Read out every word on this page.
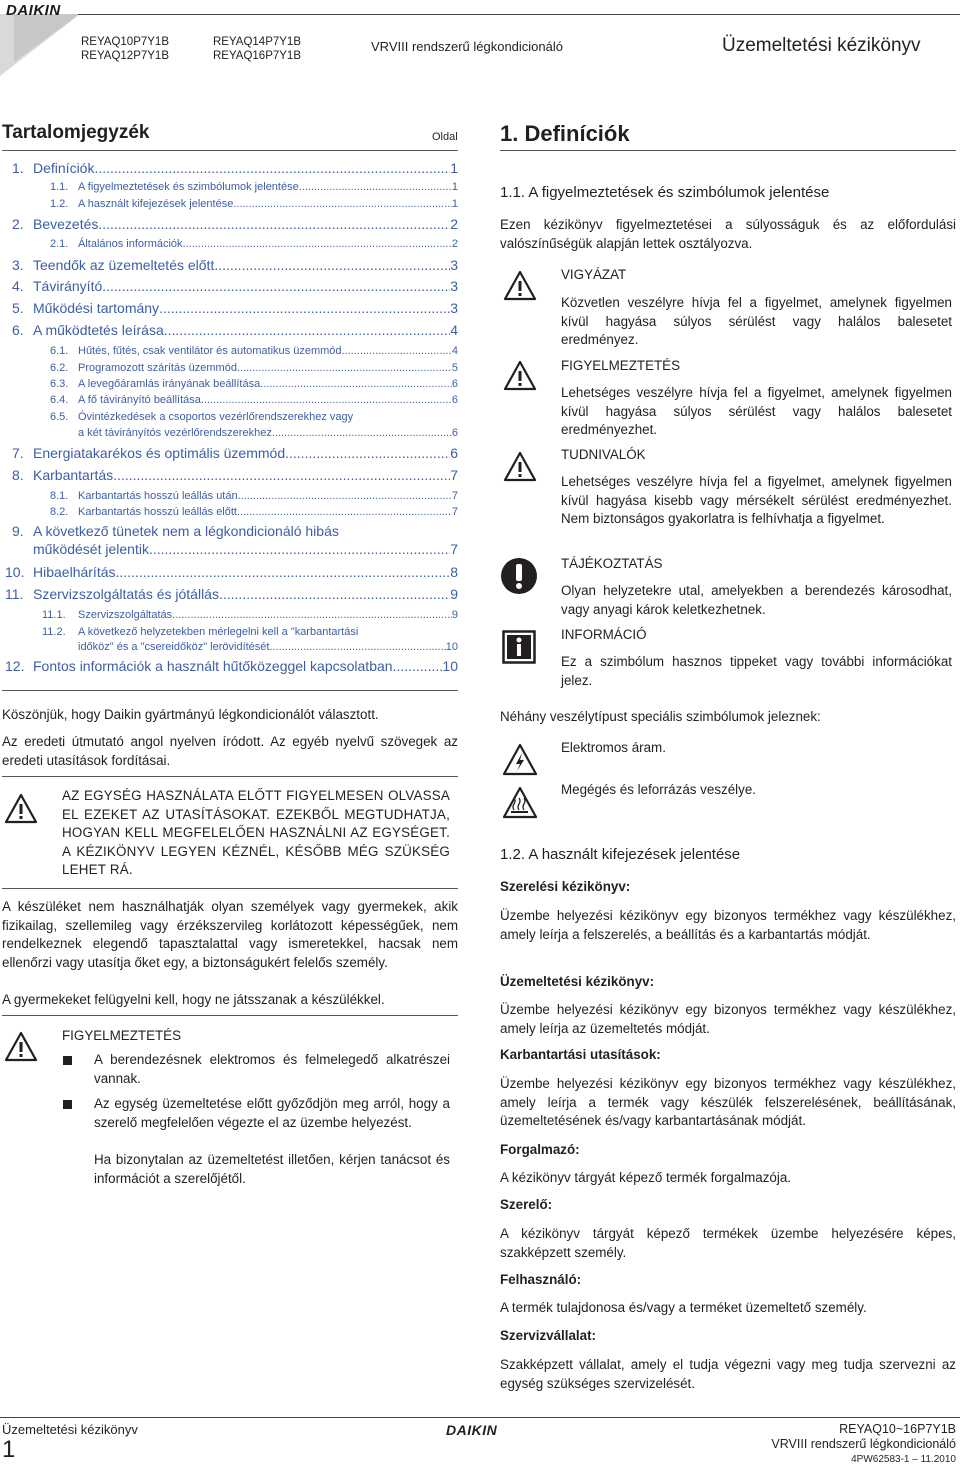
DAIKIN
REYAQ10P7Y1B
REYAQ12P7Y1B
REYAQ14P7Y1B
REYAQ16P7Y1B
VRVIII rendszerű légkondicionáló	Üzemeltetési kézikönyv
Tartalomjegyzék	Oldal
1. Definíciók .....	1
1.1. A figyelmeztetések és szimbólumok jelentése .....	1
1.2. A használt kifejezések jelentése .....	1
2. Bevezetés .....	2
2.1. Általános információk .....	2
3. Teendők az üzemeltetés előtt .....	3
4. Távirányító .....	3
5. Működési tartomány .....	3
6. A működtetés leírása .....	4
6.1. Hűtés, fűtés, csak ventilátor és automatikus üzemmód .....	4
6.2. Programozott szárítás üzemmód .....	5
6.3. A levegőáramlás irányának beállítása .....	6
6.4. A fő távirányító beállítása .....	6
6.5. Óvintézkedések a csoportos vezérlőrendszerekhez vagy
a két távirányítós vezérlőrendszerekhez .....	6
7. Energiatakarékos és optimális üzemmód .....	6
8. Karbantartás .....	7
8.1. Karbantartás hosszú leállás után .....	7
8.2. Karbantartás hosszú leállás előtt .....	7
9. A következő tünetek nem a légkondicionáló hibás
működését jelentik .....	7
10. Hibaelhárítás .....	8
11. Szervizszolgáltatás és jótállás .....	9
11.1.	Szervizszolgáltatás .....	9
11.2. A következő helyzetekben mérlegelni kell a "karbantartási
időköz" és a "csereidőköz" lerövidítését .....	10
12. Fontos információk a használt hűtőközeggel kapcsolatban .....	10
Köszönjük, hogy Daikin gyártmányú légkondicionálót választott.
Az eredeti útmutató angol nyelven íródott. Az egyéb nyelvű szövegek az eredeti utasítások fordításai.
AZ EGYSÉG HASZNÁLATA ELŐTT FIGYELMESEN OLVASSA EL EZEKET AZ UTASÍTÁSOKAT. EZEKBŐL MEGTUDHATJA, HOGYAN KELL MEGFELELŐEN HASZNÁLNI AZ EGYSÉGET. A KÉZIKÖNYV LEGYEN KÉZNÉL, KÉSŐBB MÉG SZÜKSÉG LEHET RÁ.
A készüléket nem használhatják olyan személyek vagy gyermekek, akik fizikailag, szellemileg vagy érzékszervileg korlátozott képességűek, nem rendelkeznek elegendő tapasztalattal vagy ismeretekkel, hacsak nem ellenőrzi vagy utasítja őket egy, a biztonságukért felelős személy.
A gyermekeket felügyelni kell, hogy ne játsszanak a készülékkel.
FIGYELMEZTETÉS
A berendezésnek elektromos és felmelegedő alkatrészei vannak.
Az egység üzemeltetése előtt győződjön meg arról, hogy a szerelő megfelelően végezte el az üzembe helyezést.
Ha bizonytalan az üzemeltetést illetően, kérjen tanácsot és információt a szerelőjétől.
1. Definíciók
1.1. A figyelmeztetések és szimbólumok jelentése
Ezen kézikönyv figyelmeztetései a súlyosságuk és az előfordulási valószínűségük alapján lettek osztályozva.
VIGYÁZAT
Közvetlen veszélyre hívja fel a figyelmet, amelynek figyelmen kívül hagyása súlyos sérülést vagy halálos balesetet eredményez.
FIGYELMEZTETÉS
Lehetséges veszélyre hívja fel a figyelmet, amelynek figyelmen kívül hagyása súlyos sérülést vagy halálos balesetet eredményezhet.
TUDNIVALÓK
Lehetséges veszélyre hívja fel a figyelmet, amelynek figyelmen kívül hagyása kisebb vagy mérsékelt sérülést eredményezhet. Nem biztonságos gyakorlatra is felhívhatja a figyelmet.
TÁJÉKOZTATÁS
Olyan helyzetekre utal, amelyekben a berendezés károsodhat, vagy anyagi károk keletkezhetnek.
INFORMÁCIÓ
Ez a szimbólum hasznos tippeket vagy további információkat jelez.
Néhány veszélytípust speciális szimbólumok jeleznek:
Elektromos áram.
Megégés és leforrázás veszélye.
1.2. A használt kifejezések jelentése
Szerelési kézikönyv:
Üzembe helyezési kézikönyv egy bizonyos termékhez vagy készülékhez, amely leírja a felszerelés, a beállítás és a karbantartás módját.
Üzemeltetési kézikönyv:
Üzembe helyezési kézikönyv egy bizonyos termékhez vagy készülékhez, amely leírja az üzemeltetés módját.
Karbantartási utasítások:
Üzembe helyezési kézikönyv egy bizonyos termékhez vagy készülékhez, amely leírja a termék vagy készülék felszerelésének, beállításának, üzemeltetésének és/vagy karbantartásának módját.
Forgalmazó:
A kézikönyv tárgyát képező termék forgalmazója.
Szerelő:
A kézikönyv tárgyát képező termékek üzembe helyezésére képes, szakképzett személy.
Felhasználó:
A termék tulajdonosa és/vagy a terméket üzemeltető személy.
Szervizvállalat:
Szakképzett vállalat, amely el tudja végezni vagy meg tudja szervezni az egység szükséges szervizelését.
Üzemeltetési kézikönyv
1
DAIKIN	REYAQ10~16P7Y1B
VRVIII rendszerű légkondicionáló
4PW62583-1 – 11.2010
